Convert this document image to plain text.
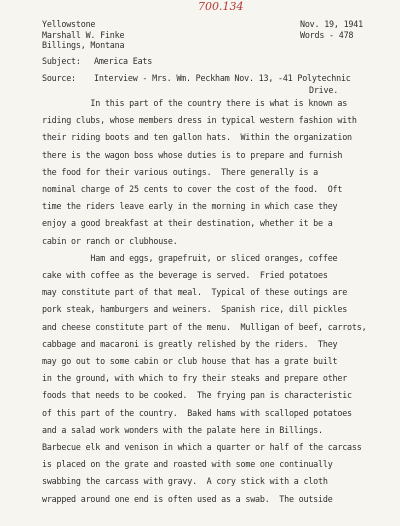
700.134
Yellowstone
Marshall W. Finke
Billings, Montana
Nov. 19, 1941
Words - 478
Subject: America Eats
Source: Interview - Mrs. Wm. Peckham Nov. 13, -41 Polytechnic
Drive.
In this part of the country there is what is known as
riding clubs, whose members dress in typical western fashion with
their riding boots and ten gallon hats.  Within the organization
there is the wagon boss whose duties is to prepare and furnish
the food for their various outings.  There generally is a
nominal charge of 25 cents to cover the cost of the food.  Oft
time the riders leave early in the morning in which case they
enjoy a good breakfast at their destination, whether it be a
cabin or ranch or clubhouse.
Ham and eggs, grapefruit, or sliced oranges, coffee
cake with coffee as the beverage is served.  Fried potatoes
may constitute part of that meal.  Typical of these outings are
pork steak, hamburgers and weiners.  Spanish rice, dill pickles
and cheese constitute part of the menu.  Mulligan of beef, carrots,
cabbage and macaroni is greatly relished by the riders.  They
may go out to some cabin or club house that has a grate built
in the ground, with which to fry their steaks and prepare other
foods that needs to be cooked.  The frying pan is characteristic
of this part of the country.  Baked hams with scalloped potatoes
and a salad work wonders with the palate here in Billings.
Barbecue elk and venison in which a quarter or half of the carcass
is placed on the grate and roasted with some one continually
swabbing the carcass with gravy.  A cory stick with a cloth
wrapped around one end is often used as a swab.  The outside
